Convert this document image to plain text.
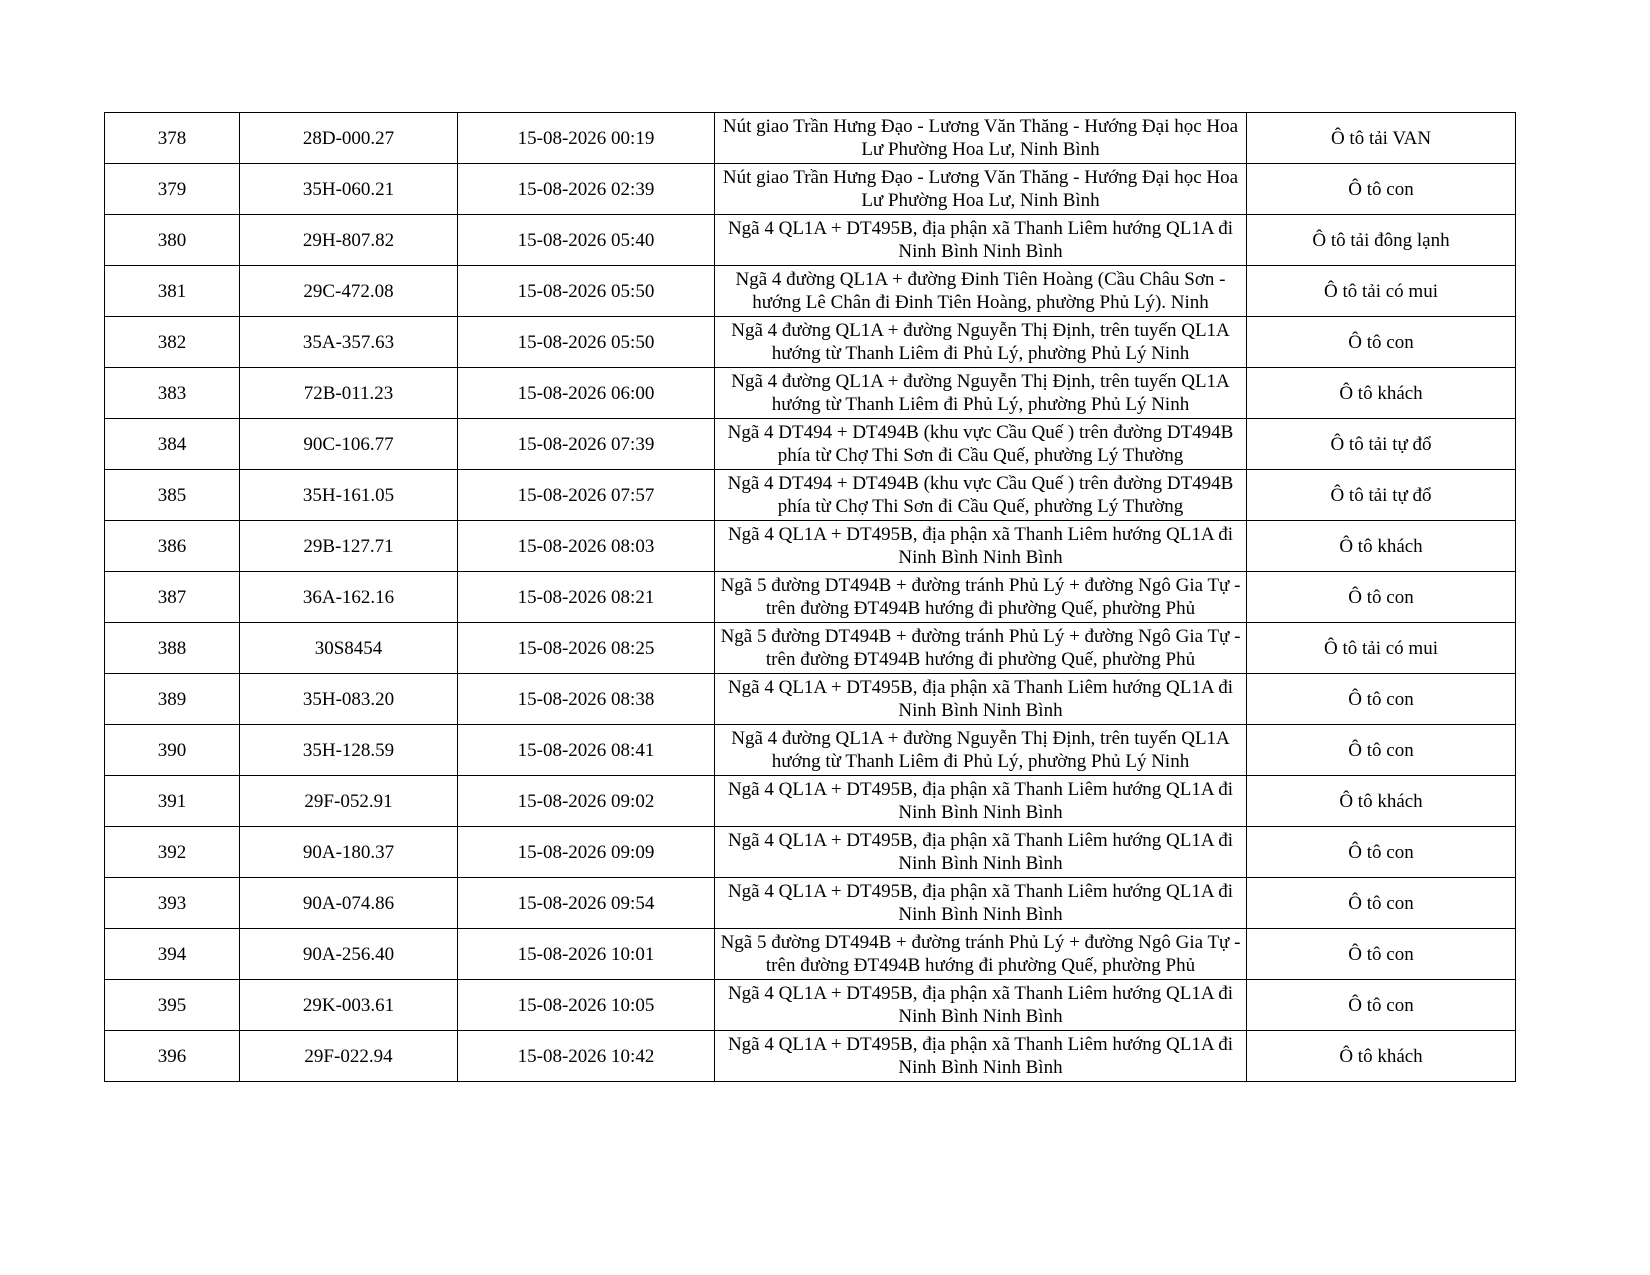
378	28D-000.27	15-08-2026 00:19	Nút giao Trần Hưng Đạo - Lương Văn Thăng - Hướng Đại học Hoa Lư Phường Hoa Lư, Ninh Bình	Ô tô tải VAN
379	35H-060.21	15-08-2026 02:39	Nút giao Trần Hưng Đạo - Lương Văn Thăng - Hướng Đại học Hoa Lư Phường Hoa Lư, Ninh Bình	Ô tô con
380	29H-807.82	15-08-2026 05:40	Ngã 4 QL1A + DT495B, địa phận xã Thanh Liêm hướng QL1A đi Ninh Bình Ninh Bình	Ô tô tải đông lạnh
381	29C-472.08	15-08-2026 05:50	Ngã 4 đường QL1A + đường Đinh Tiên Hoàng (Cầu Châu Sơn - hướng Lê Chân đi Đinh Tiên Hoàng, phường Phủ Lý). Ninh	Ô tô tải có mui
382	35A-357.63	15-08-2026 05:50	Ngã 4 đường QL1A + đường Nguyễn Thị Định, trên tuyến QL1A hướng từ Thanh Liêm đi Phủ Lý, phường Phủ Lý Ninh	Ô tô con
383	72B-011.23	15-08-2026 06:00	Ngã 4 đường QL1A + đường Nguyễn Thị Định, trên tuyến QL1A hướng từ Thanh Liêm đi Phủ Lý, phường Phủ Lý Ninh	Ô tô khách
384	90C-106.77	15-08-2026 07:39	Ngã 4 DT494 + DT494B (khu vực Cầu Quế ) trên đường DT494B phía từ Chợ Thi Sơn đi Cầu Quế, phường Lý Thường	Ô tô tải tự đổ
385	35H-161.05	15-08-2026 07:57	Ngã 4 DT494 + DT494B (khu vực Cầu Quế ) trên đường DT494B phía từ Chợ Thi Sơn đi Cầu Quế, phường Lý Thường	Ô tô tải tự đổ
386	29B-127.71	15-08-2026 08:03	Ngã 4 QL1A + DT495B, địa phận xã Thanh Liêm hướng QL1A đi Ninh Bình Ninh Bình	Ô tô khách
387	36A-162.16	15-08-2026 08:21	Ngã 5 đường DT494B + đường tránh Phủ Lý + đường Ngô Gia Tự - trên đường ĐT494B hướng đi phường Quế, phường Phủ	Ô tô con
388	30S8454	15-08-2026 08:25	Ngã 5 đường DT494B + đường tránh Phủ Lý + đường Ngô Gia Tự - trên đường ĐT494B hướng đi phường Quế, phường Phủ	Ô tô tải có mui
389	35H-083.20	15-08-2026 08:38	Ngã 4 QL1A + DT495B, địa phận xã Thanh Liêm hướng QL1A đi Ninh Bình Ninh Bình	Ô tô con
390	35H-128.59	15-08-2026 08:41	Ngã 4 đường QL1A + đường Nguyễn Thị Định, trên tuyến QL1A hướng từ Thanh Liêm đi Phủ Lý, phường Phủ Lý Ninh	Ô tô con
391	29F-052.91	15-08-2026 09:02	Ngã 4 QL1A + DT495B, địa phận xã Thanh Liêm hướng QL1A đi Ninh Bình Ninh Bình	Ô tô khách
392	90A-180.37	15-08-2026 09:09	Ngã 4 QL1A + DT495B, địa phận xã Thanh Liêm hướng QL1A đi Ninh Bình Ninh Bình	Ô tô con
393	90A-074.86	15-08-2026 09:54	Ngã 4 QL1A + DT495B, địa phận xã Thanh Liêm hướng QL1A đi Ninh Bình Ninh Bình	Ô tô con
394	90A-256.40	15-08-2026 10:01	Ngã 5 đường DT494B + đường tránh Phủ Lý + đường Ngô Gia Tự - trên đường ĐT494B hướng đi phường Quế, phường Phủ	Ô tô con
395	29K-003.61	15-08-2026 10:05	Ngã 4 QL1A + DT495B, địa phận xã Thanh Liêm hướng QL1A đi Ninh Bình Ninh Bình	Ô tô con
396	29F-022.94	15-08-2026 10:42	Ngã 4 QL1A + DT495B, địa phận xã Thanh Liêm hướng QL1A đi Ninh Bình Ninh Bình	Ô tô khách
